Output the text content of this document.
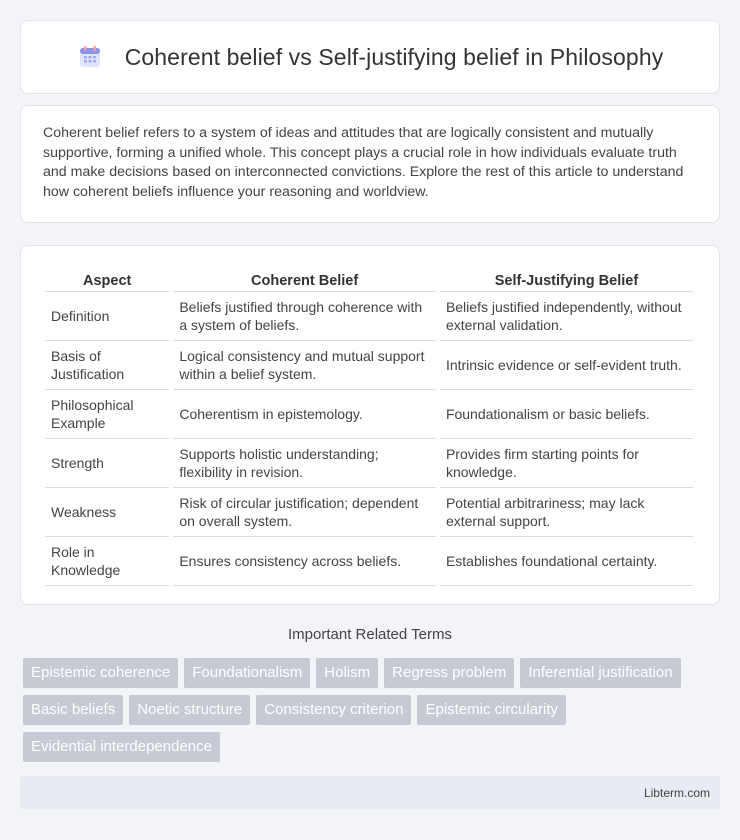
Coherent belief vs Self-justifying belief in Philosophy

Coherent belief refers to a system of ideas and attitudes that are logically consistent and mutually supportive, forming a unified whole. This concept plays a crucial role in how individuals evaluate truth and make decisions based on interconnected convictions. Explore the rest of this article to understand how coherent beliefs influence your reasoning and worldview.

Aspect	Coherent Belief	Self-Justifying Belief
Definition	Beliefs justified through coherence with a system of beliefs.	Beliefs justified independently, without external validation.
Basis of Justification	Logical consistency and mutual support within a belief system.	Intrinsic evidence or self-evident truth.
Philosophical Example	Coherentism in epistemology.	Foundationalism or basic beliefs.
Strength	Supports holistic understanding; flexibility in revision.	Provides firm starting points for knowledge.
Weakness	Risk of circular justification; dependent on overall system.	Potential arbitrariness; may lack external support.
Role in Knowledge	Ensures consistency across beliefs.	Establishes foundational certainty.
Important Related Terms
Epistemic coherence	Foundationalism	Holism	Regress problem	Inferential justification
Basic beliefs	Noetic structure	Consistency criterion	Epistemic circularity
Evidential interdependence
Libterm.com
